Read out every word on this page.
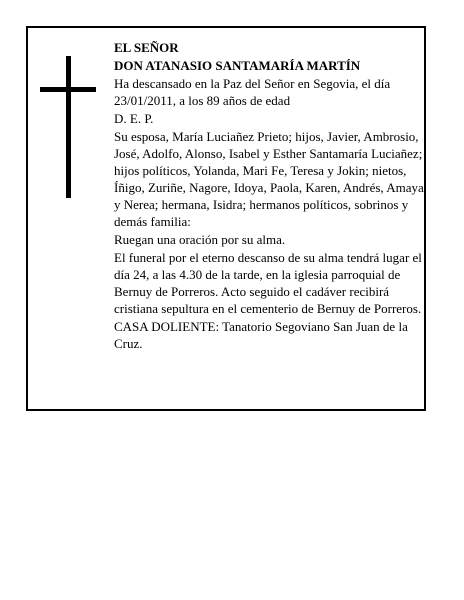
EL SEÑOR

DON ATANASIO SANTAMARÍA MARTÍN

Ha descansado en la Paz del Señor en Segovia, el día 23/01/2011, a los 89 años de edad

D. E. P.

Su esposa, María Luciañez Prieto; hijos, Javier, Ambrosio, José, Adolfo, Alonso, Isabel y Esther Santamaría Luciañez; hijos políticos, Yolanda, Mari Fe, Teresa y Jokin; nietos, Íñigo, Zuriñe, Nagore, Idoya, Paola, Karen, Andrés, Amaya y Nerea; hermana, Isidra; hermanos políticos, sobrinos y demás familia:

Ruegan una oración por su alma.

El funeral por el eterno descanso de su alma tendrá lugar el día 24, a las 4.30 de la tarde, en la iglesia parroquial de Bernuy de Porreros. Acto seguido el cadáver recibirá cristiana sepultura en el cementerio de Bernuy de Porreros.

CASA DOLIENTE: Tanatorio Segoviano San Juan de la Cruz.
